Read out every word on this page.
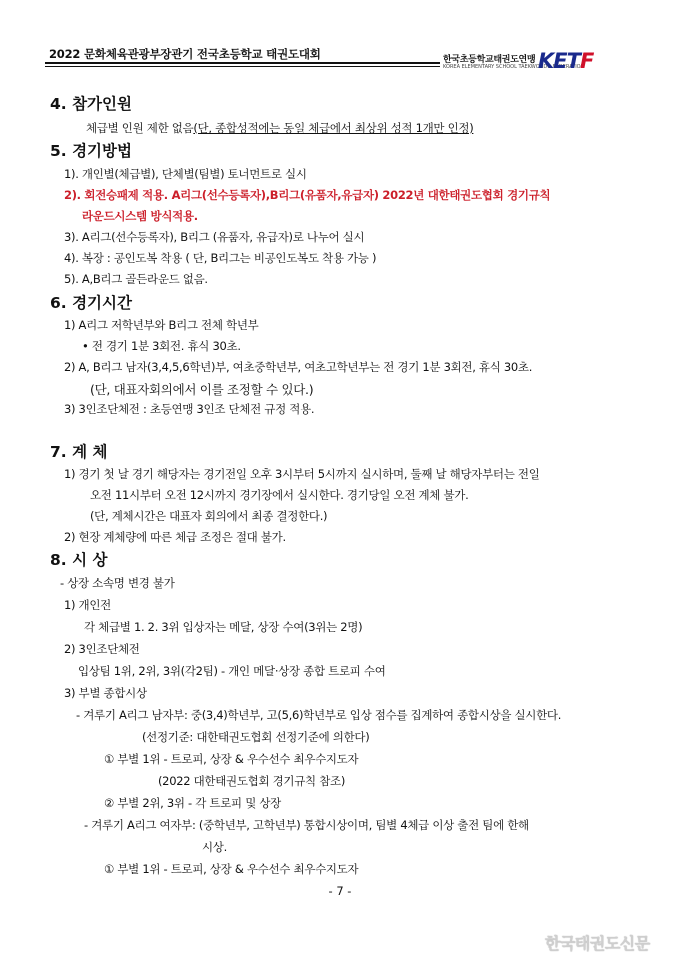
2022 문화체육관광부장관기 전국초등학교 태권도대회	한국초등학교태권도연맹
KOREA ELEMENTARY SCHOOL TAEKWONDO FEDERATION
KETF
4. 참가인원
체급별 인원 제한 없음(단, 종합성적에는 동일 체급에서 최상위 성적 1개만 인정)
5. 경기방법
1). 개인별(체급별), 단체별(팀별) 토너먼트로 실시
2). 회전승패제 적용. A리그(선수등록자),B리그(유품자,유급자) 2022년 대한태권도협회 경기규칙
라운드시스템 방식적용.
3). A리그(선수등록자), B리그 (유품자, 유급자)로 나누어 실시
4). 복장 : 공인도복 착용 ( 단, B리그는 비공인도복도 착용 가능 )
5). A,B리그 골든라운드 없음.
6. 경기시간
1) A리그 저학년부와 B리그 전체 학년부
• 전 경기 1분 3회전. 휴식 30초.
2) A, B리그 남자(3,4,5,6학년)부, 여초중학년부, 여초고학년부는 전 경기 1분 3회전, 휴식 30초.
(단, 대표자회의에서 이를 조정할 수 있다.)
3) 3인조단체전 : 초등연맹 3인조 단체전 규정 적용.
7. 계 체
1) 경기 첫 날 경기 해당자는 경기전일 오후 3시부터 5시까지 실시하며, 둘째 날 해당자부터는 전일
오전 11시부터 오전 12시까지 경기장에서 실시한다. 경기당일 오전 계체 불가.
(단, 계체시간은 대표자 회의에서 최종 결정한다.)
2) 현장 계체량에 따른 체급 조정은 절대 불가.
8. 시 상
- 상장 소속명 변경 불가
1) 개인전
각 체급별 1. 2. 3위 입상자는 메달, 상장 수여(3위는 2명)
2) 3인조단체전
입상팀 1위, 2위, 3위(각2팀) - 개인 메달·상장 종합 트로피 수여
3) 부별 종합시상
- 겨루기 A리그 남자부: 중(3,4)학년부, 고(5,6)학년부로 입상 점수를 집계하여 종합시상을 실시한다.
(선정기준: 대한태권도협회 선정기준에 의한다)
① 부별 1위 - 트로피, 상장 & 우수선수 최우수지도자
(2022 대한태권도협회 경기규칙 참조)
② 부별 2위, 3위 - 각 트로피 및 상장
- 겨루기 A리그 여자부: (중학년부, 고학년부) 통합시상이며, 팀별 4체급 이상 출전 팀에 한해
시상.
① 부별 1위 - 트로피, 상장 & 우수선수 최우수지도자
- 7 -
한국태권도신문
